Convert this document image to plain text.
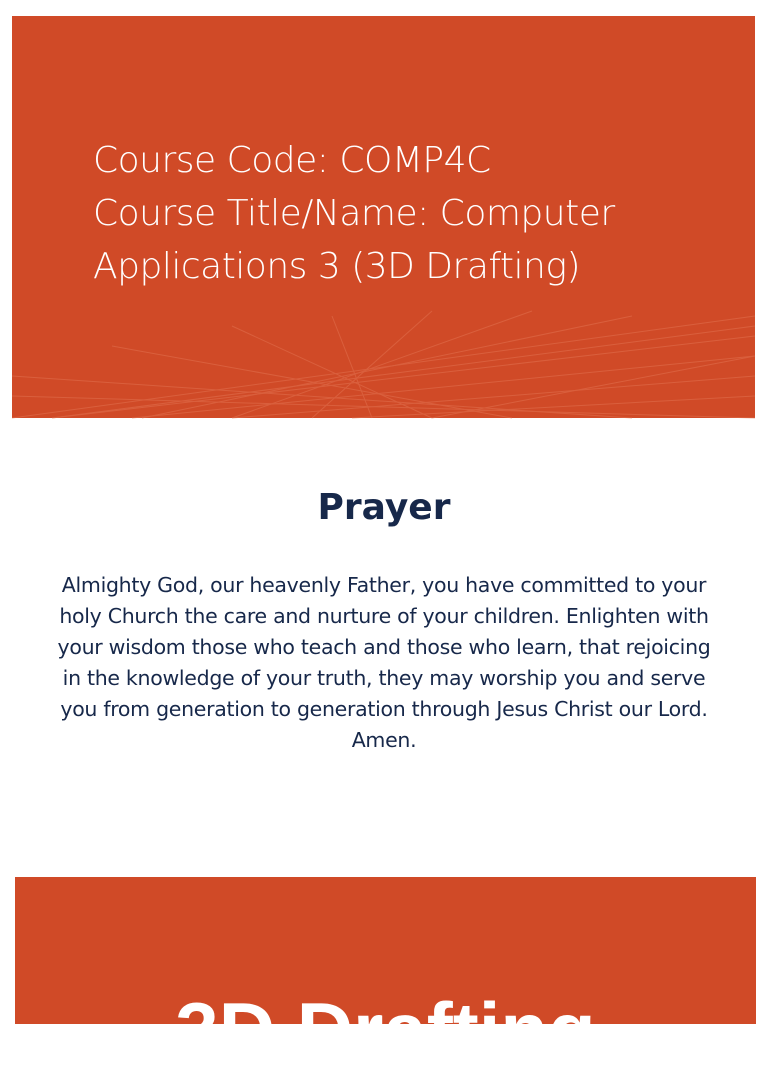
Course Code: COMP4C
Course Title/Name: Computer
Applications 3 (3D Drafting)
Prayer
Almighty God, our heavenly Father, you have committed to your holy Church the care and nurture of your children. Enlighten with your wisdom those who teach and those who learn, that rejoicing in the knowledge of your truth, they may worship you and serve you from generation to generation through Jesus Christ our Lord. Amen.
3D Drafting
